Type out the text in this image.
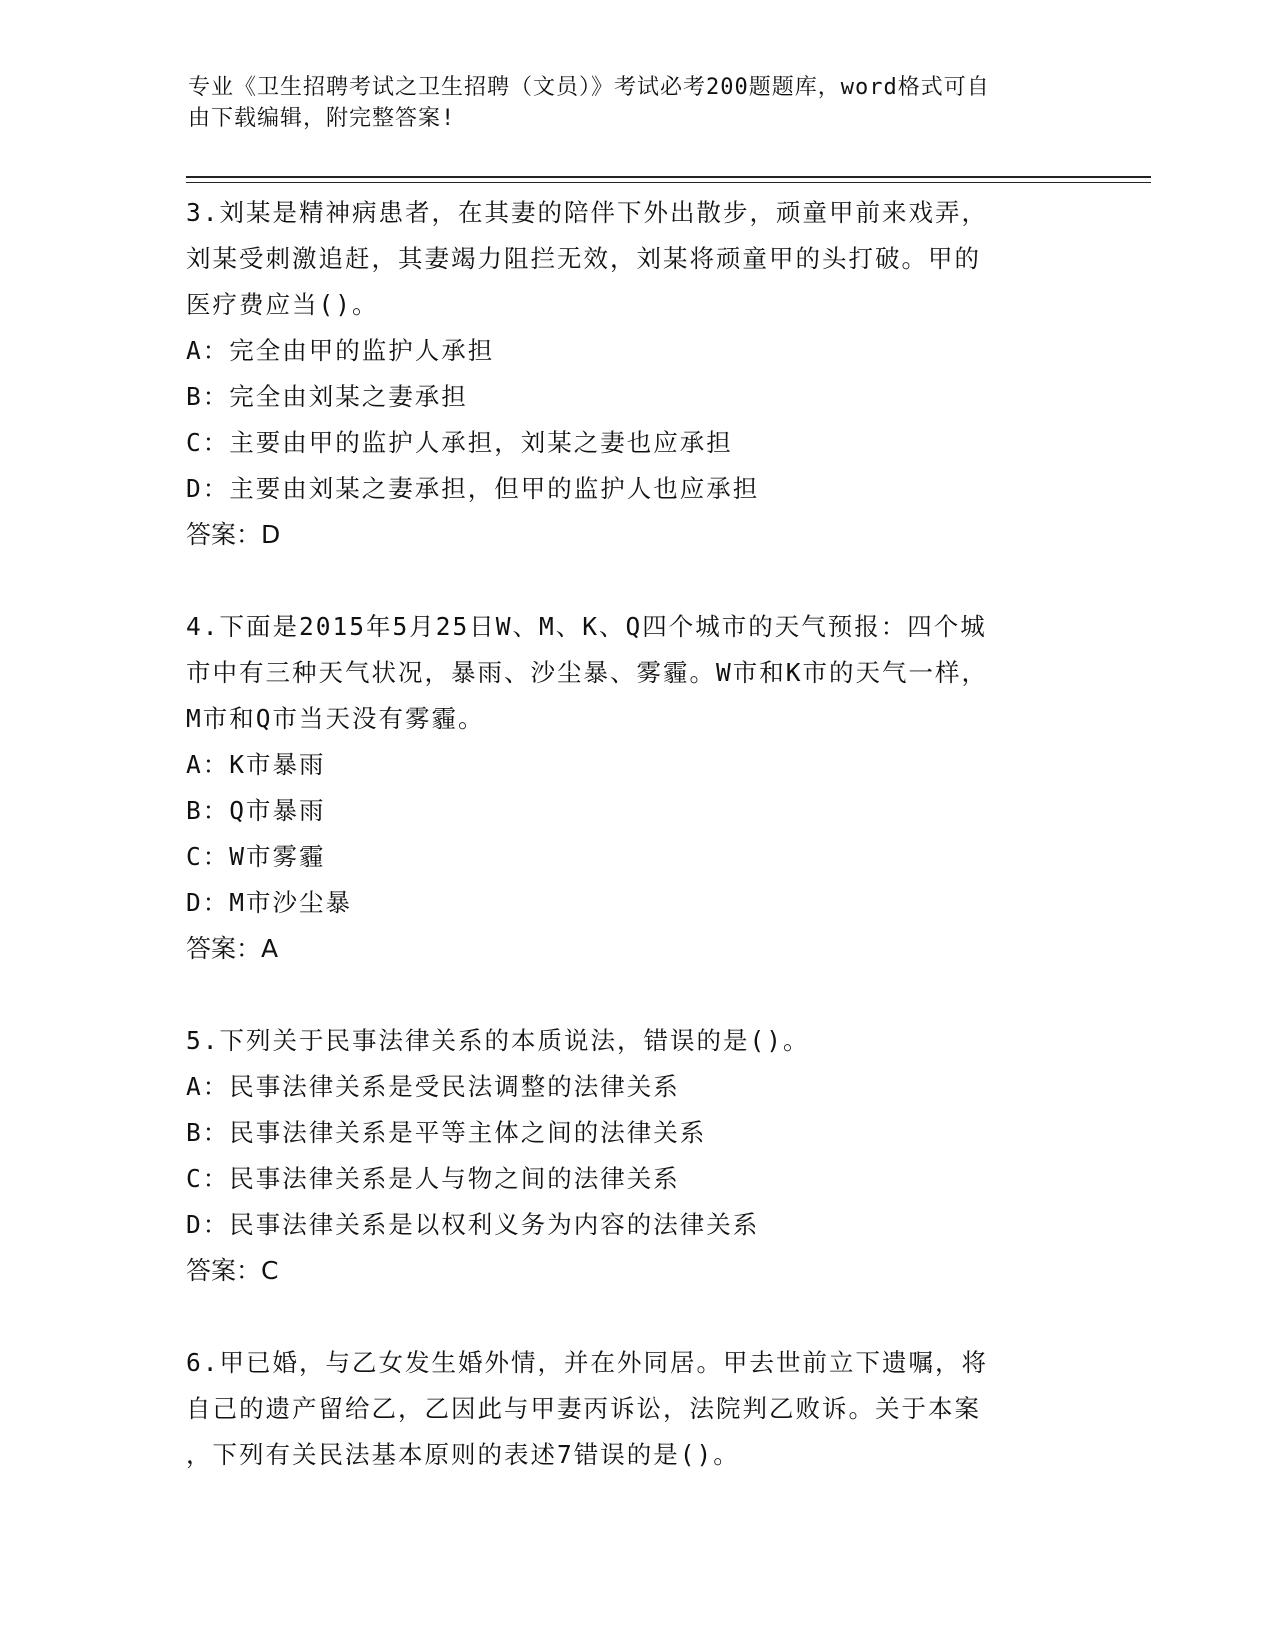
专业《卫生招聘考试之卫生招聘（文员）》考试必考200题题库，word格式可自
由下载编辑，附完整答案!

3.刘某是精神病患者，在其妻的陪伴下外出散步，顽童甲前来戏弄，

刘某受刺激追赶，其妻竭力阻拦无效，刘某将顽童甲的头打破。甲的

医疗费应当()。

A：完全由甲的监护人承担

B：完全由刘某之妻承担

C：主要由甲的监护人承担，刘某之妻也应承担

D：主要由刘某之妻承担，但甲的监护人也应承担

答案：D

4.下面是2015年5月25日W、M、K、Q四个城市的天气预报：四个城

市中有三种天气状况，暴雨、沙尘暴、雾霾。W市和K市的天气一样，

M市和Q市当天没有雾霾。

A：K市暴雨

B：Q市暴雨

C：W市雾霾

D：M市沙尘暴

答案：A

5.下列关于民事法律关系的本质说法，错误的是()。

A：民事法律关系是受民法调整的法律关系

B：民事法律关系是平等主体之间的法律关系

C：民事法律关系是人与物之间的法律关系

D：民事法律关系是以权利义务为内容的法律关系

答案：C

6.甲已婚，与乙女发生婚外情，并在外同居。甲去世前立下遗嘱，将

自己的遗产留给乙，乙因此与甲妻丙诉讼，法院判乙败诉。关于本案

，下列有关民法基本原则的表述7错误的是()。
